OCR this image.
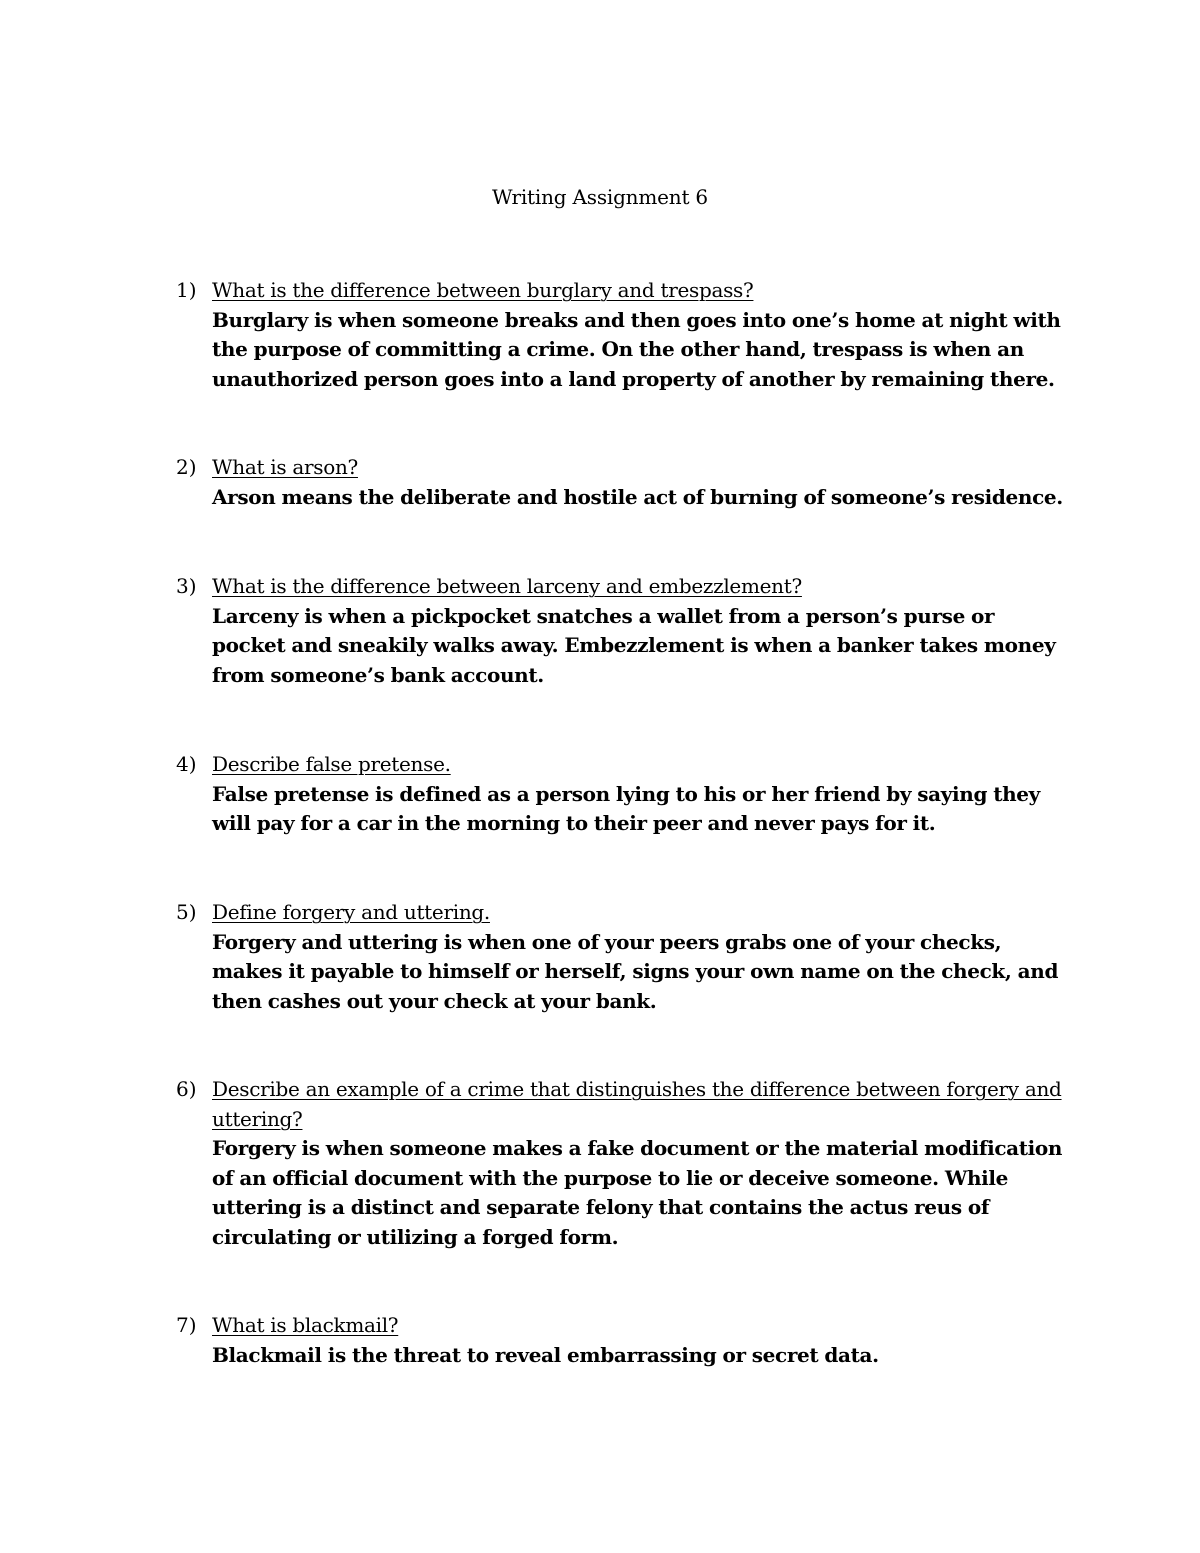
Writing Assignment 6
1) What is the difference between burglary and trespass?
Burglary is when someone breaks and then goes into one’s home at night with the purpose of committing a crime. On the other hand, trespass is when an unauthorized person goes into a land property of another by remaining there.
2) What is arson?
Arson means the deliberate and hostile act of burning of someone’s residence.
3) What is the difference between larceny and embezzlement?
Larceny is when a pickpocket snatches a wallet from a person’s purse or pocket and sneakily walks away. Embezzlement is when a banker takes money from someone’s bank account.
4) Describe false pretense.
False pretense is defined as a person lying to his or her friend by saying they will pay for a car in the morning to their peer and never pays for it.
5) Define forgery and uttering.
Forgery and uttering is when one of your peers grabs one of your checks, makes it payable to himself or herself, signs your own name on the check, and then cashes out your check at your bank.
6) Describe an example of a crime that distinguishes the difference between forgery and uttering?
Forgery is when someone makes a fake document or the material modification of an official document with the purpose to lie or deceive someone. While uttering is a distinct and separate felony that contains the actus reus of circulating or utilizing a forged form.
7) What is blackmail?
Blackmail is the threat to reveal embarrassing or secret data.
